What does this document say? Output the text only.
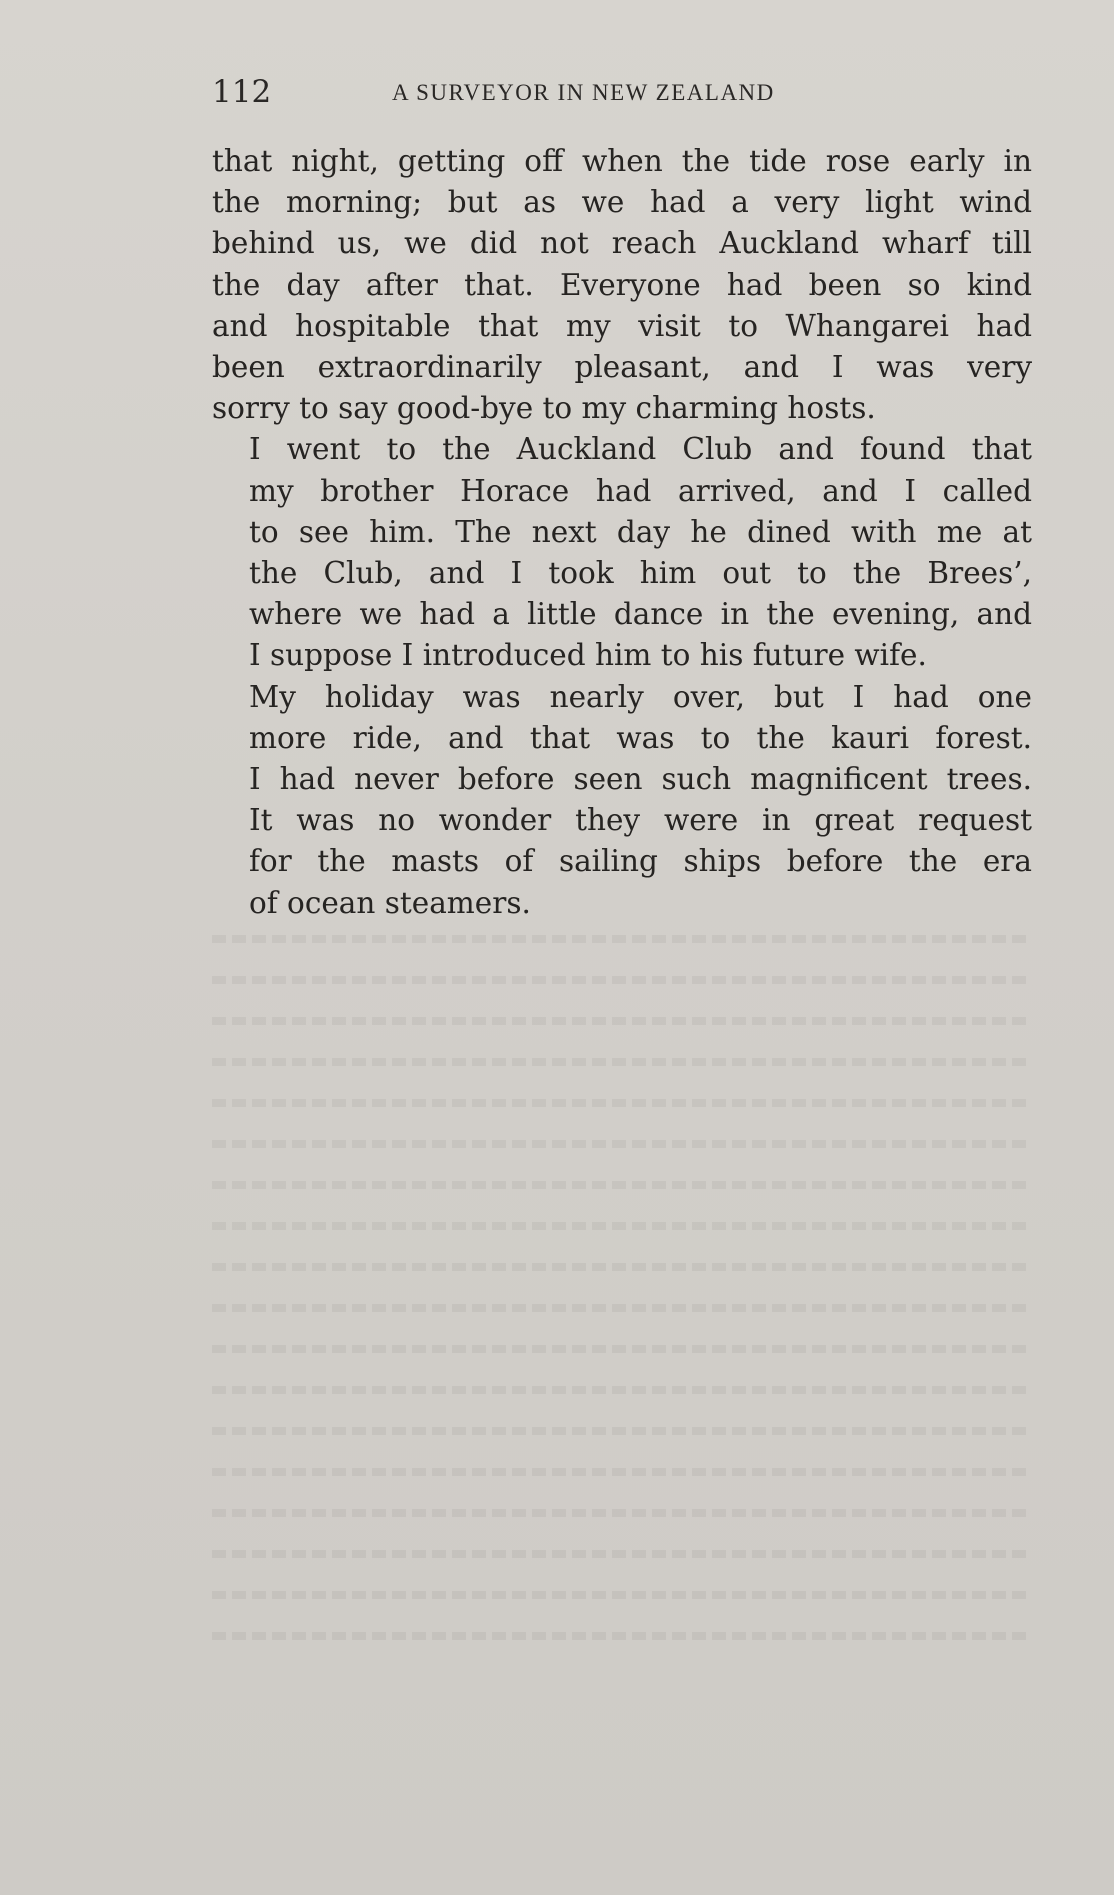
112	A SURVEYOR IN NEW ZEALAND

that night, getting off when the tide rose early in
the morning; but as we had a very light wind
behind us, we did not reach Auckland wharf till
the day after that. Everyone had been so kind
and hospitable that my visit to Whangarei had
been extraordinarily pleasant, and I was very
sorry to say good-bye to my charming hosts.

I went to the Auckland Club and found that
my brother Horace had arrived, and I called
to see him. The next day he dined with me at
the Club, and I took him out to the Brees’,
where we had a little dance in the evening, and
I suppose I introduced him to his future wife.

My holiday was nearly over, but I had one
more ride, and that was to the kauri forest.
I had never before seen such magnificent trees.
It was no wonder they were in great request
for the masts of sailing ships before the era
of ocean steamers.
